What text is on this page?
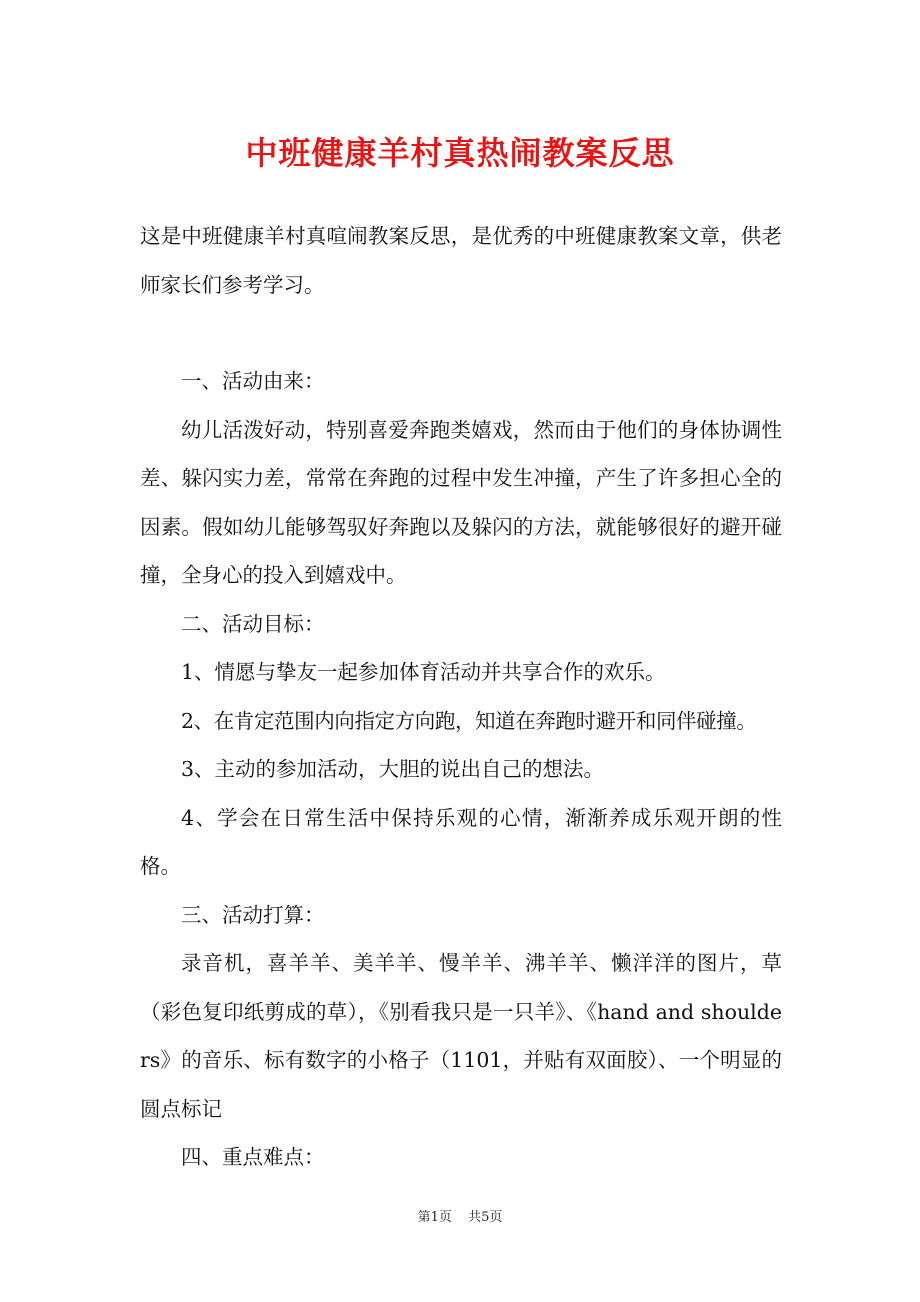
中班健康羊村真热闹教案反思

这是中班健康羊村真喧闹教案反思，是优秀的中班健康教案文章，供老师家长们参考学习。

一、活动由来：

幼儿活泼好动，特别喜爱奔跑类嬉戏，然而由于他们的身体协调性差、躲闪实力差，常常在奔跑的过程中发生冲撞，产生了许多担心全的因素。假如幼儿能够驾驭好奔跑以及躲闪的方法，就能够很好的避开碰撞，全身心的投入到嬉戏中。

二、活动目标：

1、情愿与挚友一起参加体育活动并共享合作的欢乐。

2、在肯定范围内向指定方向跑，知道在奔跑时避开和同伴碰撞。

3、主动的参加活动，大胆的说出自己的想法。

4、学会在日常生活中保持乐观的心情，渐渐养成乐观开朗的性格。

三、活动打算：

录音机，喜羊羊、美羊羊、慢羊羊、沸羊羊、懒洋洋的图片，草（彩色复印纸剪成的草），《别看我只是一只羊》、《hand and shoulders》的音乐、标有数字的小格子（1101，并贴有双面胶）、一个明显的圆点标记

四、重点难点：

第1页 共5页
